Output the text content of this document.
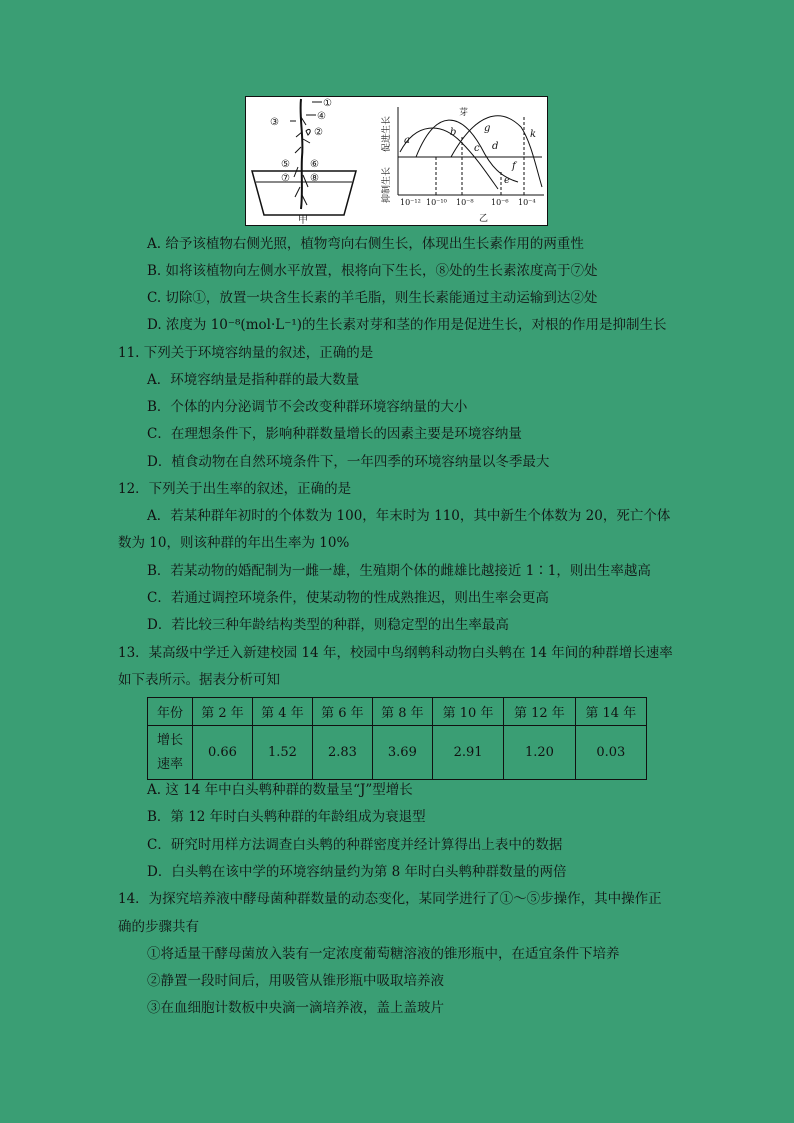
①
④
③
②
⑤ ⑥
⑦ ⑧
甲
a
b
c d
e
f
g
k
芽
促进生长
抑制生长 10⁻¹² 10⁻¹⁰ 10⁻⁸ 10⁻⁶ 10⁻⁴
乙
A. 给予该植物右侧光照，植物弯向右侧生长，体现出生长素作用的两重性
B. 如将该植物向左侧水平放置，根将向下生长，⑧处的生长素浓度高于⑦处
C. 切除①，放置一块含生长素的羊毛脂，则生长素能通过主动运输到达②处
D. 浓度为 10⁻⁸(mol·L⁻¹)的生长素对芽和茎的作用是促进生长，对根的作用是抑制生长
11. 下列关于环境容纳量的叙述，正确的是
A．环境容纳量是指种群的最大数量
B．个体的内分泌调节不会改变种群环境容纳量的大小
C．在理想条件下，影响种群数量增长的因素主要是环境容纳量
D．植食动物在自然环境条件下，一年四季的环境容纳量以冬季最大
12．下列关于出生率的叙述，正确的是
A．若某种群年初时的个体数为 100，年末时为 110，其中新生个体数为 20，死亡个体
数为 10，则该种群的年出生率为 10%
B．若某动物的婚配制为一雌一雄，生殖期个体的雌雄比越接近 1∶1，则出生率越高
C．若通过调控环境条件，使某动物的性成熟推迟，则出生率会更高
D．若比较三种年龄结构类型的种群，则稳定型的出生率最高
13．某高级中学迁入新建校园 14 年，校园中鸟纲鹎科动物白头鹎在 14 年间的种群增长速率
如下表所示。据表分析可知
年份	第 2 年	第 4 年	第 6 年	第 8 年	第 10 年	第 12 年	第 14 年

增长
速率	0.66	1.52	2.83	3.69	2.91	1.20	0.03
A. 这 14 年中白头鹎种群的数量呈“J”型增长
B．第 12 年时白头鹎种群的年龄组成为衰退型
C．研究时用样方法调查白头鹎的种群密度并经计算得出上表中的数据
D．白头鹎在该中学的环境容纳量约为第 8 年时白头鹎种群数量的两倍
14．为探究培养液中酵母菌种群数量的动态变化，某同学进行了①～⑤步操作，其中操作正
确的步骤共有
①将适量干酵母菌放入装有一定浓度葡萄糖溶液的锥形瓶中，在适宜条件下培养
②静置一段时间后，用吸管从锥形瓶中吸取培养液
③在血细胞计数板中央滴一滴培养液，盖上盖玻片
